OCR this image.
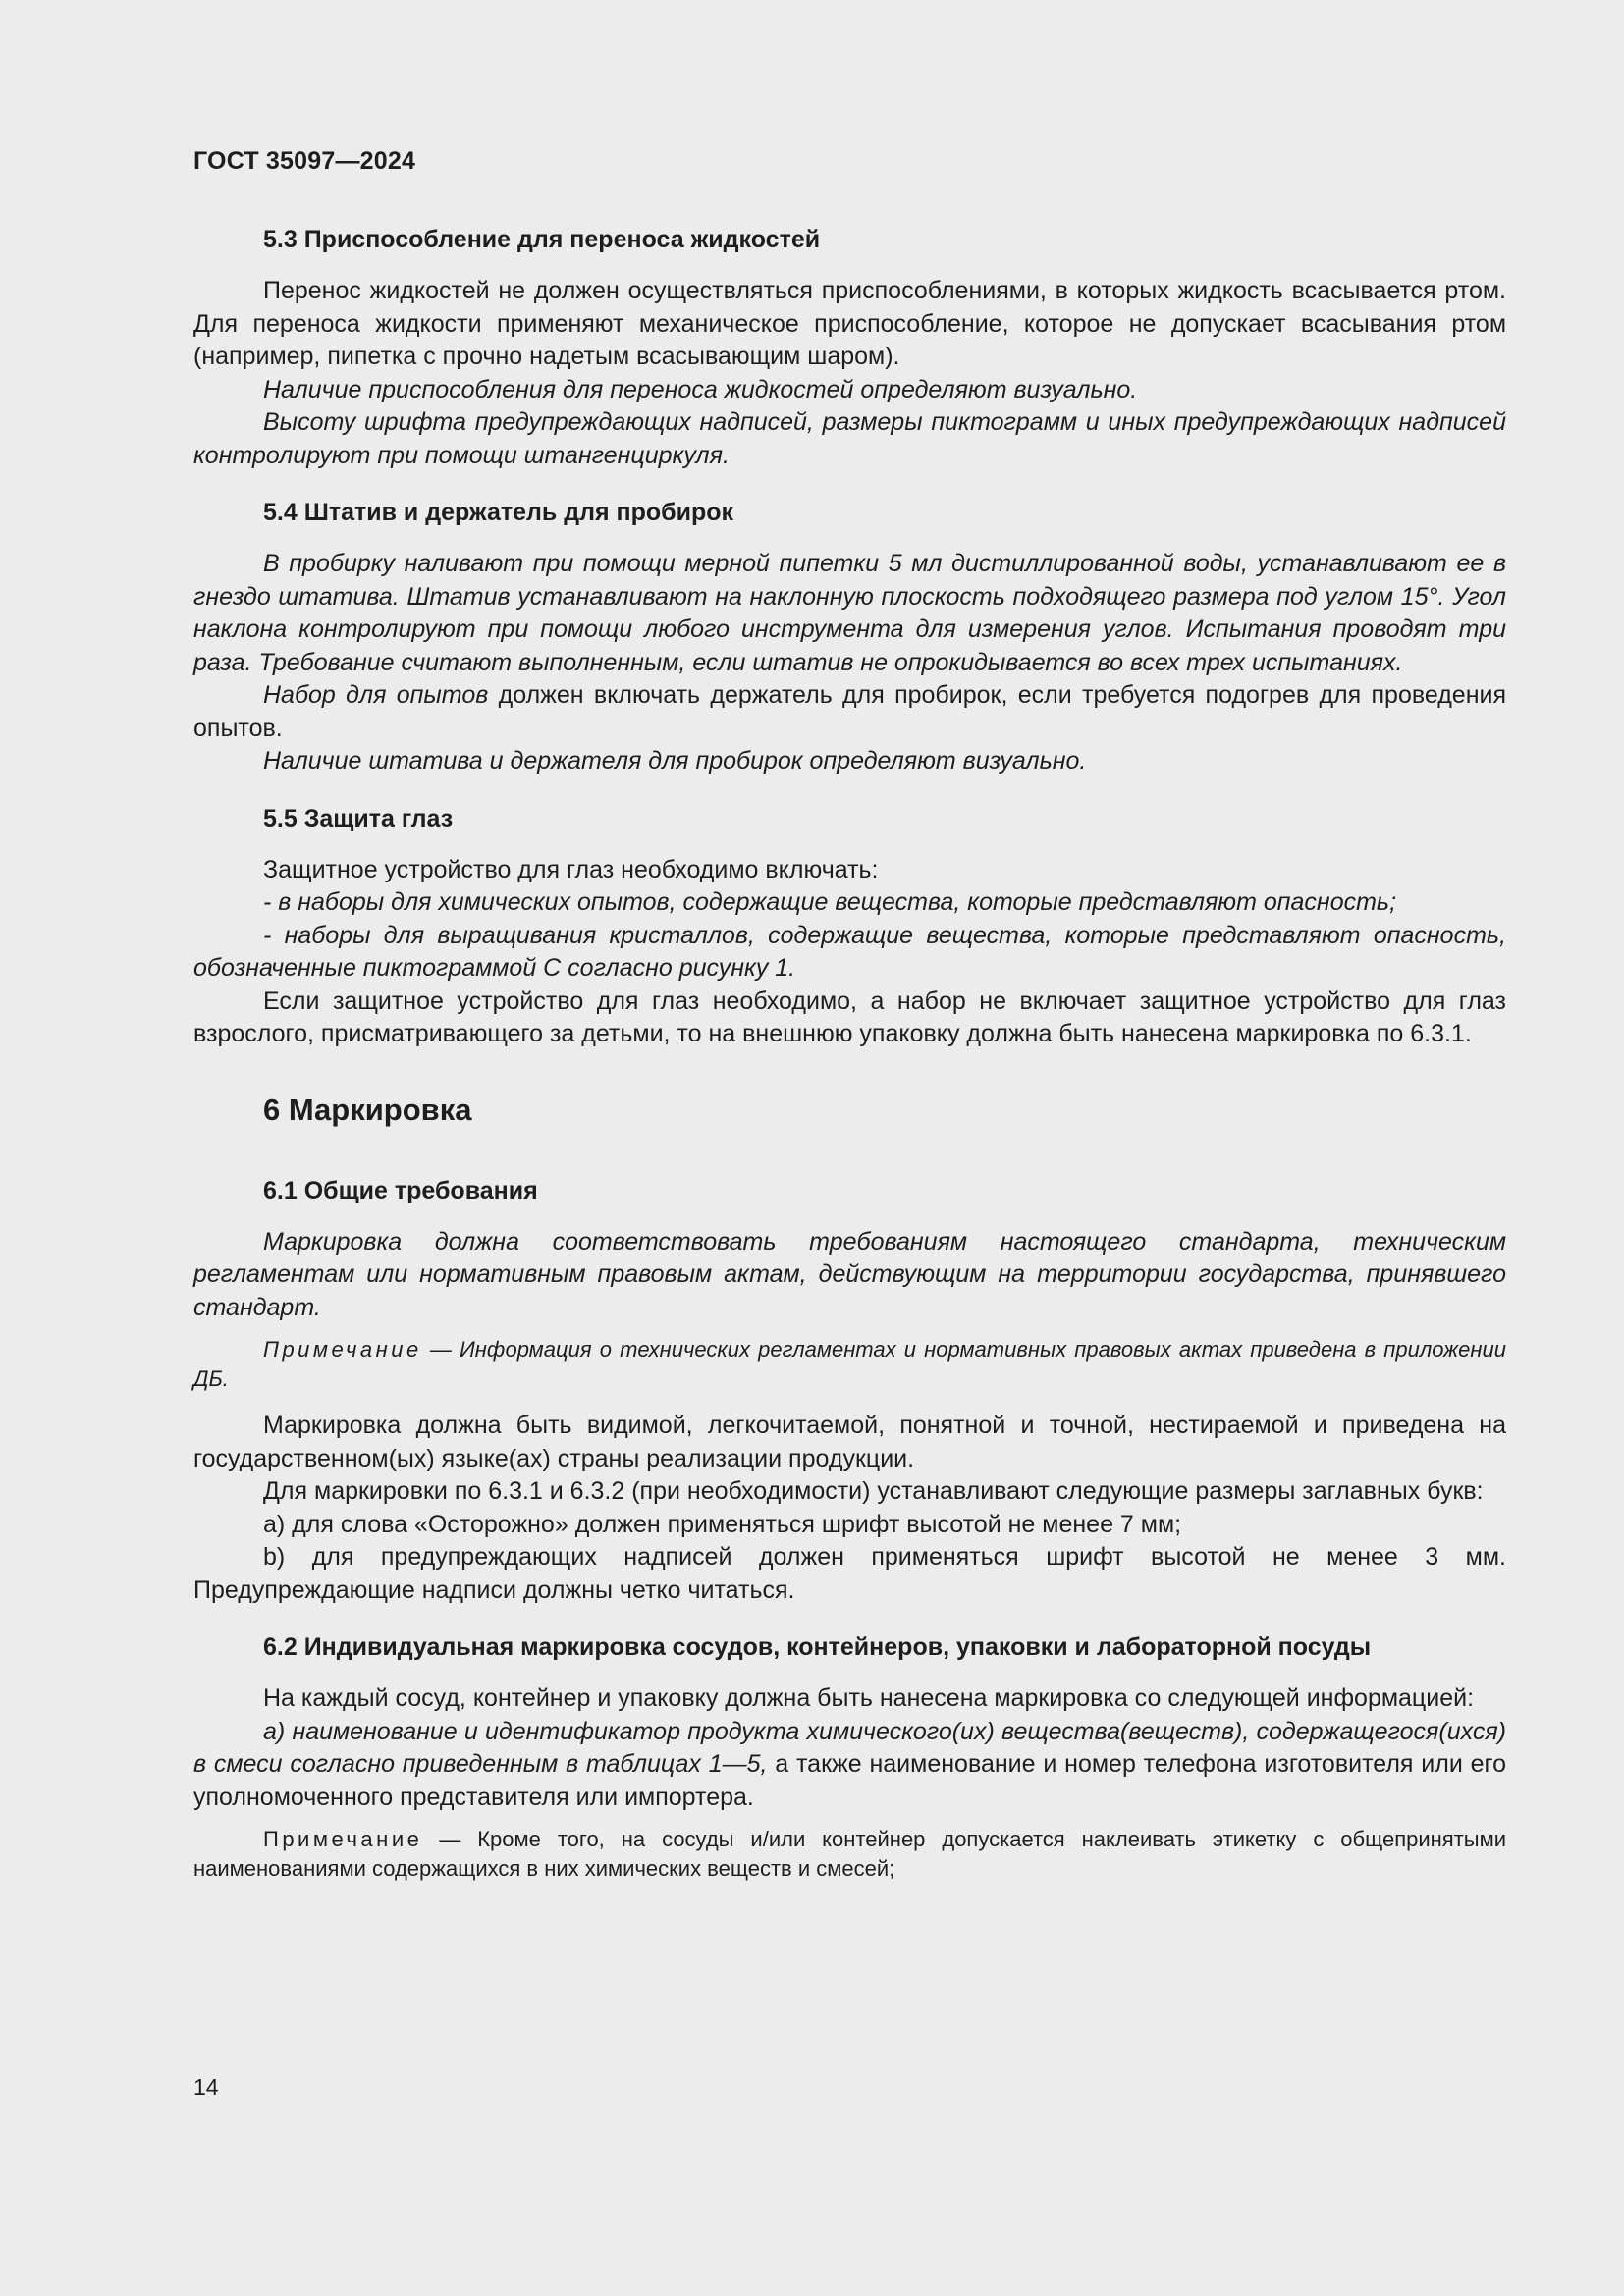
ГОСТ 35097—2024
5.3 Приспособление для переноса жидкостей

Перенос жидкостей не должен осуществляться приспособлениями, в которых жидкость всасывается ртом. Для переноса жидкости применяют механическое приспособление, которое не допускает всасывания ртом (например, пипетка с прочно надетым всасывающим шаром).

Наличие приспособления для переноса жидкостей определяют визуально.

Высоту шрифта предупреждающих надписей, размеры пиктограмм и иных предупреждающих надписей контролируют при помощи штангенциркуля.

5.4 Штатив и держатель для пробирок

В пробирку наливают при помощи мерной пипетки 5 мл дистиллированной воды, устанавливают ее в гнездо штатива. Штатив устанавливают на наклонную плоскость подходящего размера под углом 15°. Угол наклона контролируют при помощи любого инструмента для измерения углов. Испытания проводят три раза. Требование считают выполненным, если штатив не опрокидывается во всех трех испытаниях.

Набор для опытов должен включать держатель для пробирок, если требуется подогрев для проведения опытов.

Наличие штатива и держателя для пробирок определяют визуально.

5.5 Защита глаз

Защитное устройство для глаз необходимо включать:

- в наборы для химических опытов, содержащие вещества, которые представляют опасность;

- наборы для выращивания кристаллов, содержащие вещества, которые представляют опасность, обозначенные пиктограммой С согласно рисунку 1.

Если защитное устройство для глаз необходимо, а набор не включает защитное устройство для глаз взрослого, присматривающего за детьми, то на внешнюю упаковку должна быть нанесена маркировка по 6.3.1.

6 Маркировка
6.1 Общие требования

Маркировка должна соответствовать требованиям настоящего стандарта, техническим регламентам или нормативным правовым актам, действующим на территории государства, принявшего стандарт.

Примечание — Информация о технических регламентах и нормативных правовых актах приведена в приложении ДБ.

Маркировка должна быть видимой, легкочитаемой, понятной и точной, нестираемой и приведена на государственном(ых) языке(ах) страны реализации продукции.

Для маркировки по 6.3.1 и 6.3.2 (при необходимости) устанавливают следующие размеры заглавных букв:

a) для слова «Осторожно» должен применяться шрифт высотой не менее 7 мм;

b) для предупреждающих надписей должен применяться шрифт высотой не менее 3 мм. Предупреждающие надписи должны четко читаться.

6.2 Индивидуальная маркировка сосудов, контейнеров, упаковки и лабораторной посуды

На каждый сосуд, контейнер и упаковку должна быть нанесена маркировка со следующей информацией:

а) наименование и идентификатор продукта химического(их) вещества(веществ), содержащегося(ихся) в смеси согласно приведенным в таблицах 1—5, а также наименование и номер телефона изготовителя или его уполномоченного представителя или импортера.

Примечание — Кроме того, на сосуды и/или контейнер допускается наклеивать этикетку с общепринятыми наименованиями содержащихся в них химических веществ и смесей;

14
